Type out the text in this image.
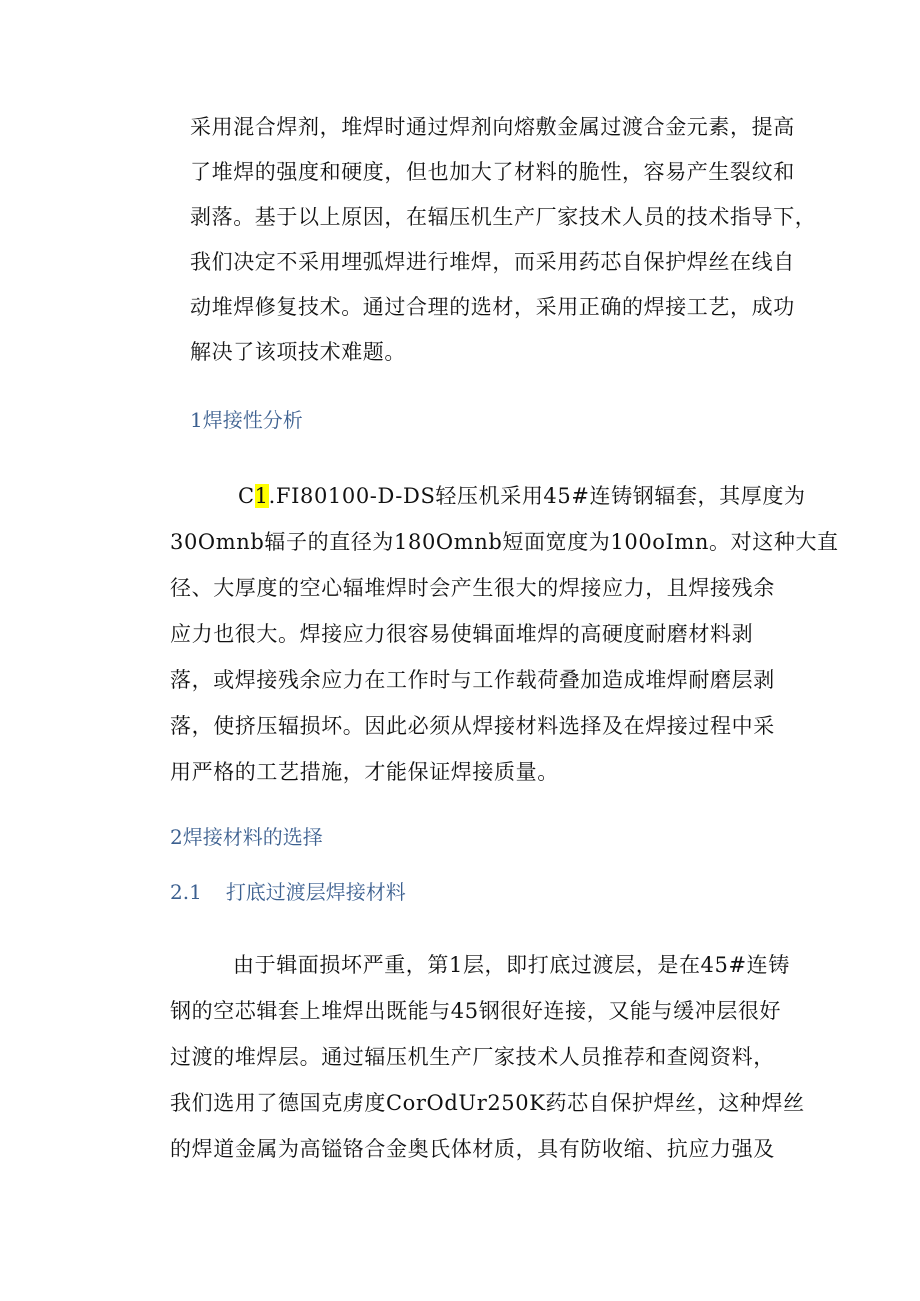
采用混合焊剂，堆焊时通过焊剂向熔敷金属过渡合金元素，提高
了堆焊的强度和硬度，但也加大了材料的脆性，容易产生裂纹和
剥落。基于以上原因，在辐压机生产厂家技术人员的技术指导下，
我们决定不采用埋弧焊进行堆焊，而采用药芯自保护焊丝在线自
动堆焊修复技术。通过合理的选材，采用正确的焊接工艺，成功
解决了该项技术难题。
1焊接性分析
C1.FI80100-D-DS轻压机采用45#连铸钢辐套，其厚度为
30Omnb辐子的直径为180Omnb短面宽度为100oImn。对这种大直
径、大厚度的空心辐堆焊时会产生很大的焊接应力，且焊接残余
应力也很大。焊接应力很容易使辑面堆焊的高硬度耐磨材料剥
落，或焊接残余应力在工作时与工作载荷叠加造成堆焊耐磨层剥
落，使挤压辐损坏。因此必须从焊接材料选择及在焊接过程中采
用严格的工艺措施，才能保证焊接质量。
2焊接材料的选择
2.1 打底过渡层焊接材料
由于辑面损坏严重，第1层，即打底过渡层，是在45#连铸
钢的空芯辑套上堆焊出既能与45钢很好连接，又能与缓冲层很好
过渡的堆焊层。通过辐压机生产厂家技术人员推荐和查阅资料，
我们选用了德国克虏度CorOdUr250K药芯自保护焊丝，这种焊丝
的焊道金属为高镒铬合金奥氏体材质，具有防收缩、抗应力强及
